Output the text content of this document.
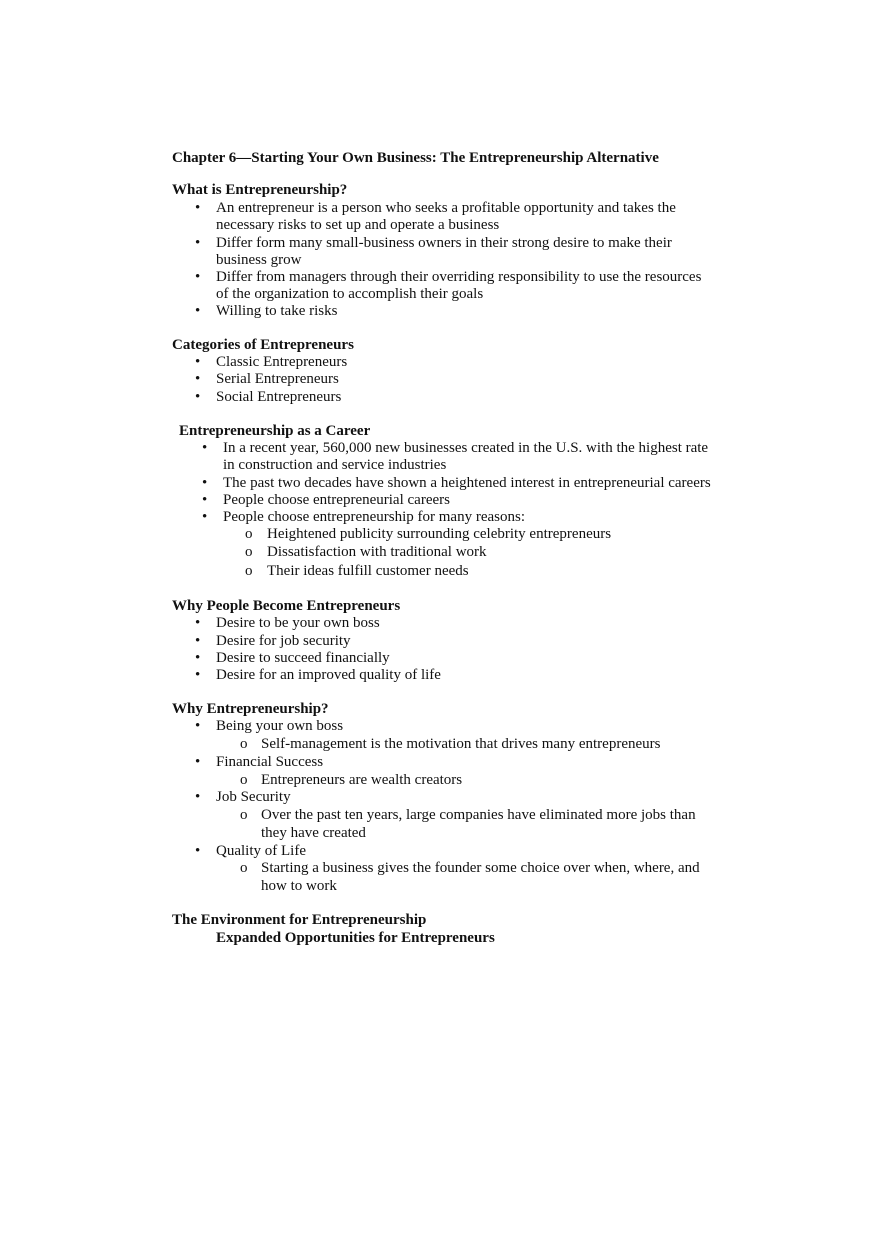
Chapter 6—Starting Your Own Business: The Entrepreneurship Alternative
What is Entrepreneurship?
• An entrepreneur is a person who seeks a profitable opportunity and takes the
necessary risks to set up and operate a business
• Differ form many small-business owners in their strong desire to make their
business grow
• Differ from managers through their overriding responsibility to use the resources
of the organization to accomplish their goals
• Willing to take risks
Categories of Entrepreneurs
• Classic Entrepreneurs
• Serial Entrepreneurs
• Social Entrepreneurs
Entrepreneurship as a Career
• In a recent year, 560,000 new businesses created in the U.S. with the highest rate
in construction and service industries
• The past two decades have shown a heightened interest in entrepreneurial careers
• People choose entrepreneurial careers
• People choose entrepreneurship for many reasons:
o Heightened publicity surrounding celebrity entrepreneurs
o Dissatisfaction with traditional work
o Their ideas fulfill customer needs
Why People Become Entrepreneurs
• Desire to be your own boss
• Desire for job security
• Desire to succeed financially
• Desire for an improved quality of life
Why Entrepreneurship?
• Being your own boss
o Self-management is the motivation that drives many entrepreneurs
• Financial Success
o Entrepreneurs are wealth creators
• Job Security
o Over the past ten years, large companies have eliminated more jobs than
they have created
• Quality of Life
o Starting a business gives the founder some choice over when, where, and
how to work
The Environment for Entrepreneurship
Expanded Opportunities for Entrepreneurs
